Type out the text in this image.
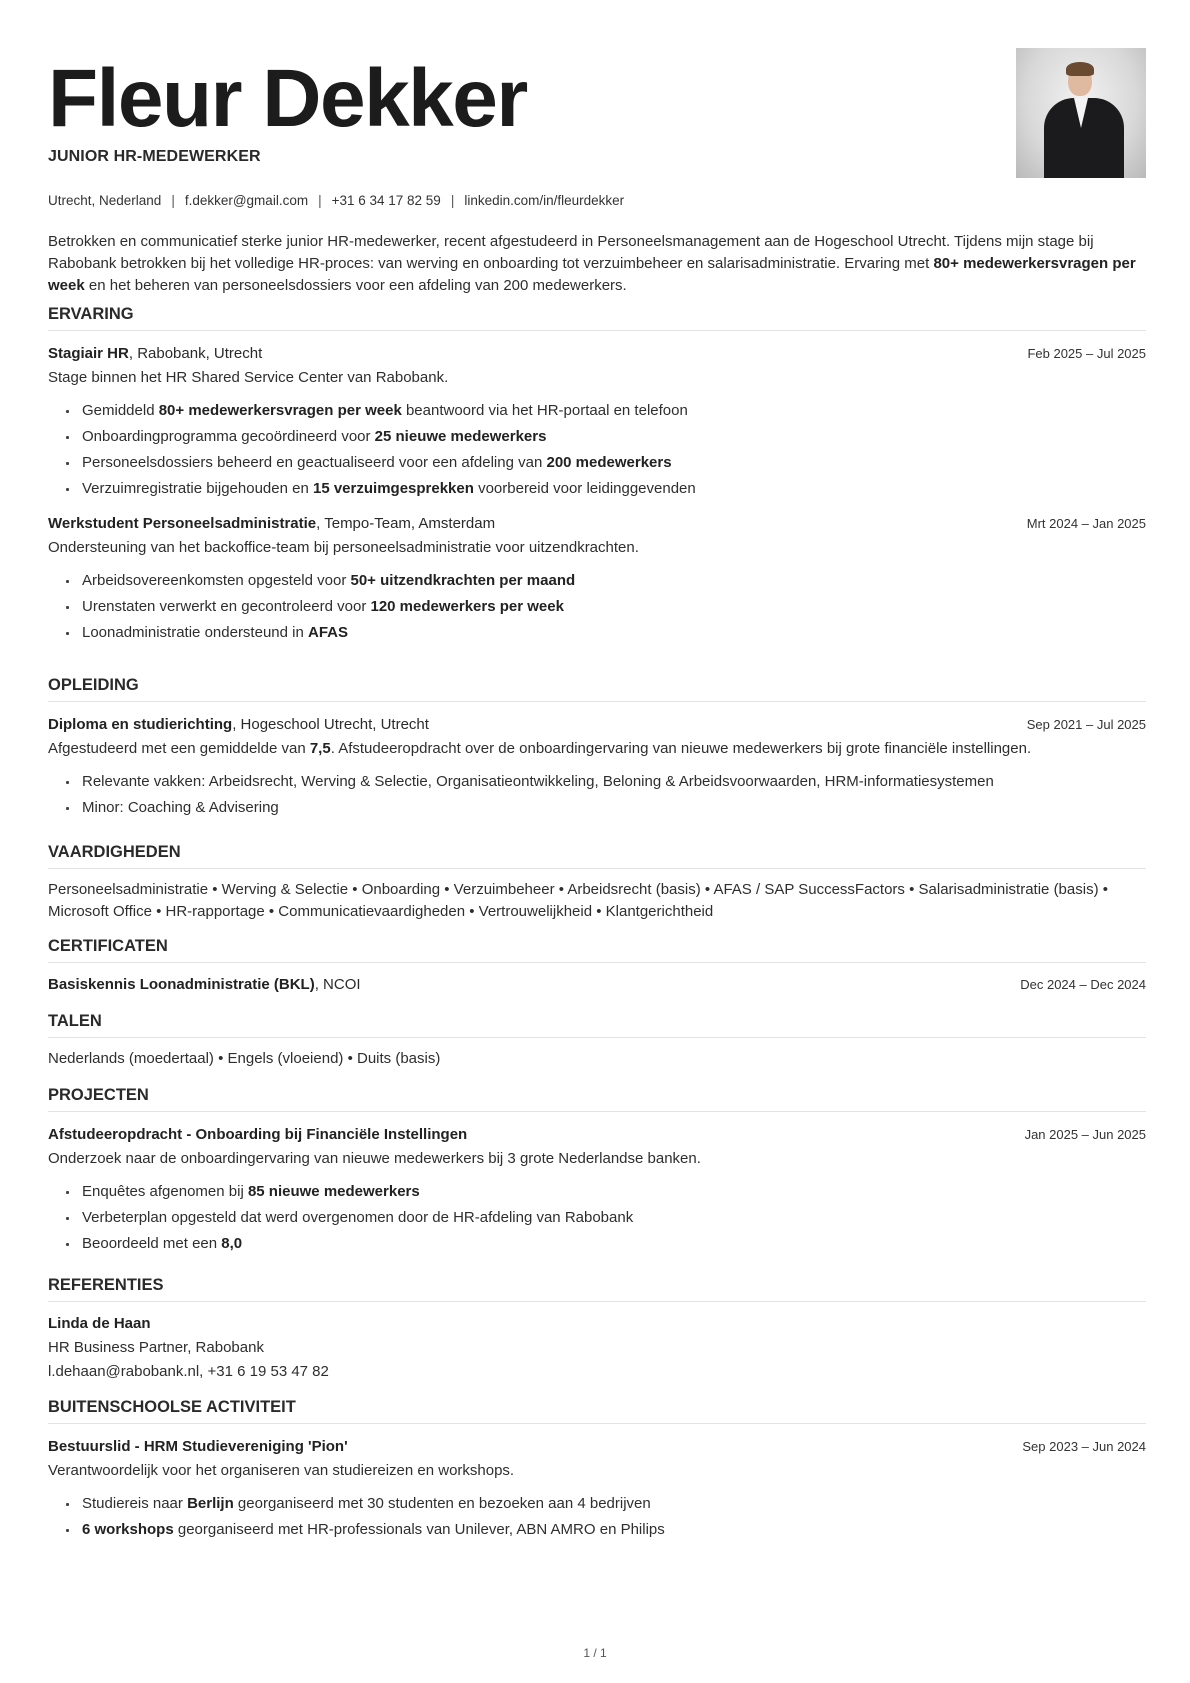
Fleur Dekker
JUNIOR HR-MEDEWERKER
Utrecht, Nederland | f.dekker@gmail.com | +31 6 34 17 82 59 | linkedin.com/in/fleurdekker
Betrokken en communicatief sterke junior HR-medewerker, recent afgestudeerd in Personeelsmanagement aan de Hogeschool Utrecht. Tijdens mijn stage bij Rabobank betrokken bij het volledige HR-proces: van werving en onboarding tot verzuimbeheer en salarisadministratie. Ervaring met 80+ medewerkersvragen per week en het beheren van personeelsdossiers voor een afdeling van 200 medewerkers.
ERVARING
Stagiair HR, Rabobank, Utrecht	Feb 2025 – Jul 2025
Stage binnen het HR Shared Service Center van Rabobank.
Gemiddeld 80+ medewerkersvragen per week beantwoord via het HR-portaal en telefoon
Onboardingprogramma gecoördineerd voor 25 nieuwe medewerkers
Personeelsdossiers beheerd en geactualiseerd voor een afdeling van 200 medewerkers
Verzuimregistratie bijgehouden en 15 verzuimgesprekken voorbereid voor leidinggevenden
Werkstudent Personeelsadministratie, Tempo-Team, Amsterdam	Mrt 2024 – Jan 2025
Ondersteuning van het backoffice-team bij personeelsadministratie voor uitzendkrachten.
Arbeidsovereenkomsten opgesteld voor 50+ uitzendkrachten per maand
Urenstaten verwerkt en gecontroleerd voor 120 medewerkers per week
Loonadministratie ondersteund in AFAS
OPLEIDING
Diploma en studierichting, Hogeschool Utrecht, Utrecht	Sep 2021 – Jul 2025
Afgestudeerd met een gemiddelde van 7,5. Afstudeeropdracht over de onboardingervaring van nieuwe medewerkers bij grote financiële instellingen.
Relevante vakken: Arbeidsrecht, Werving & Selectie, Organisatieontwikkeling, Beloning & Arbeidsvoorwaarden, HRM-informatiesystemen
Minor: Coaching & Advisering
VAARDIGHEDEN
Personeelsadministratie • Werving & Selectie • Onboarding • Verzuimbeheer • Arbeidsrecht (basis) • AFAS / SAP SuccessFactors • Salarisadministratie (basis) • Microsoft Office • HR-rapportage • Communicatievaardigheden • Vertrouwelijkheid • Klantgerichtheid
CERTIFICATEN
Basiskennis Loonadministratie (BKL), NCOI	Dec 2024 – Dec 2024
TALEN
Nederlands (moedertaal) • Engels (vloeiend) • Duits (basis)
PROJECTEN
Afstudeeropdracht - Onboarding bij Financiële Instellingen	Jan 2025 – Jun 2025
Onderzoek naar de onboardingervaring van nieuwe medewerkers bij 3 grote Nederlandse banken.
Enquêtes afgenomen bij 85 nieuwe medewerkers
Verbeterplan opgesteld dat werd overgenomen door de HR-afdeling van Rabobank
Beoordeeld met een 8,0
REFERENTIES
Linda de Haan
HR Business Partner, Rabobank
l.dehaan@rabobank.nl, +31 6 19 53 47 82
BUITENSCHOOLSE ACTIVITEIT
Bestuurslid - HRM Studievereniging 'Pion'	Sep 2023 – Jun 2024
Verantwoordelijk voor het organiseren van studiereizen en workshops.
Studiereis naar Berlijn georganiseerd met 30 studenten en bezoeken aan 4 bedrijven
6 workshops georganiseerd met HR-professionals van Unilever, ABN AMRO en Philips
1 / 1
